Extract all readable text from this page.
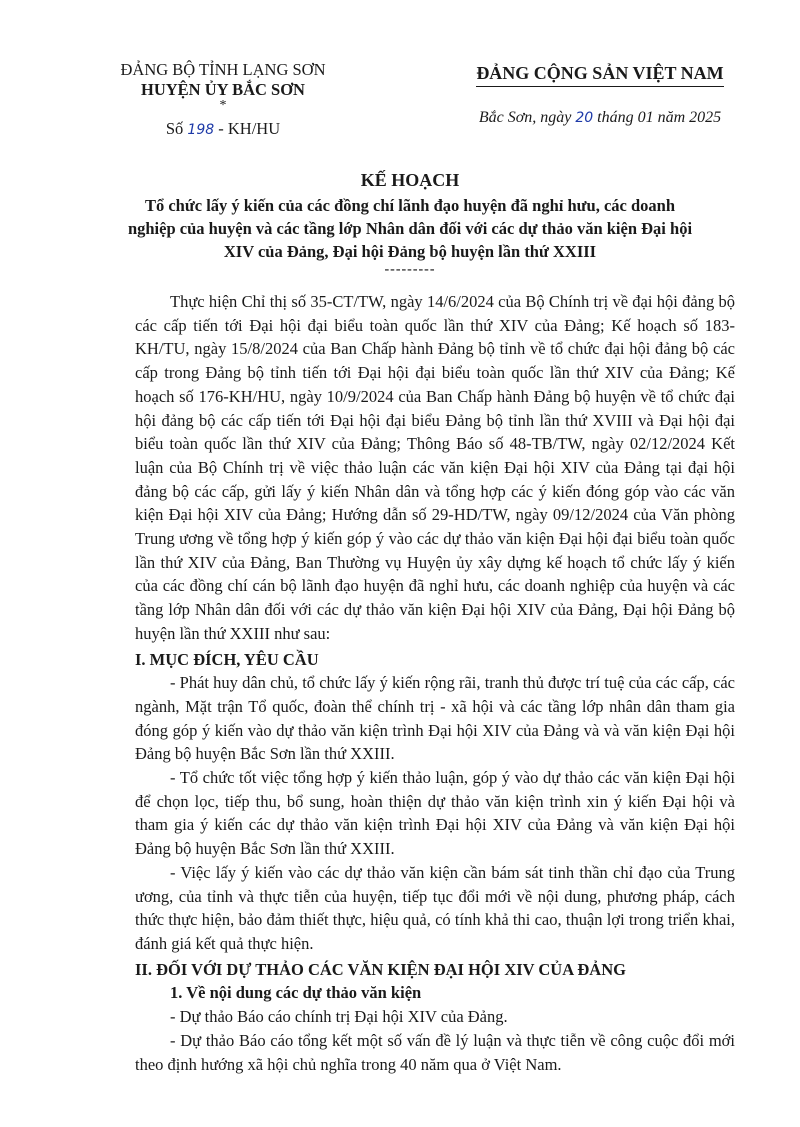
ĐẢNG BỘ TỈNH LẠNG SƠN
HUYỆN ỦY BẮC SƠN
*
Số 198 - KH/HU
ĐẢNG CỘNG SẢN VIỆT NAM
Bắc Sơn, ngày 20 tháng 01 năm 2025
KẾ HOẠCH
Tổ chức lấy ý kiến của các đồng chí lãnh đạo huyện đã nghỉ hưu, các doanh nghiệp của huyện và các tầng lớp Nhân dân đối với các dự thảo văn kiện Đại hội XIV của Đảng, Đại hội Đảng bộ huyện lần thứ XXIII
---------

Thực hiện Chỉ thị số 35-CT/TW, ngày 14/6/2024 của Bộ Chính trị về đại hội đảng bộ các cấp tiến tới Đại hội đại biểu toàn quốc lần thứ XIV của Đảng; Kế hoạch số 183-KH/TU, ngày 15/8/2024 của Ban Chấp hành Đảng bộ tỉnh về tổ chức đại hội đảng bộ các cấp trong Đảng bộ tỉnh tiến tới Đại hội đại biểu toàn quốc lần thứ XIV của Đảng; Kế hoạch số 176-KH/HU, ngày 10/9/2024 của Ban Chấp hành Đảng bộ huyện về tổ chức đại hội đảng bộ các cấp tiến tới Đại hội đại biểu Đảng bộ tỉnh lần thứ XVIII và Đại hội đại biểu toàn quốc lần thứ XIV của Đảng; Thông Báo số 48-TB/TW, ngày 02/12/2024 Kết luận của Bộ Chính trị về việc thảo luận các văn kiện Đại hội XIV của Đảng tại đại hội đảng bộ các cấp, gửi lấy ý kiến Nhân dân và tổng hợp các ý kiến đóng góp vào các văn kiện Đại hội XIV của Đảng; Hướng dẫn số 29-HD/TW, ngày 09/12/2024 của Văn phòng Trung ương về tổng hợp ý kiến góp ý vào các dự thảo văn kiện Đại hội đại biểu toàn quốc lần thứ XIV của Đảng, Ban Thường vụ Huyện ủy xây dựng kế hoạch tổ chức lấy ý kiến của các đồng chí cán bộ lãnh đạo huyện đã nghỉ hưu, các doanh nghiệp của huyện và các tầng lớp Nhân dân đối với các dự thảo văn kiện Đại hội XIV của Đảng, Đại hội Đảng bộ huyện lần thứ XXIII như sau:

I. MỤC ĐÍCH, YÊU CẦU

- Phát huy dân chủ, tổ chức lấy ý kiến rộng rãi, tranh thủ được trí tuệ của các cấp, các ngành, Mặt trận Tổ quốc, đoàn thể chính trị - xã hội và các tầng lớp nhân dân tham gia đóng góp ý kiến vào dự thảo văn kiện trình Đại hội XIV của Đảng và và văn kiện Đại hội Đảng bộ huyện Bắc Sơn lần thứ XXIII.

- Tổ chức tốt việc tổng hợp ý kiến thảo luận, góp ý vào dự thảo các văn kiện Đại hội để chọn lọc, tiếp thu, bổ sung, hoàn thiện dự thảo văn kiện trình xin ý kiến Đại hội và tham gia ý kiến các dự thảo văn kiện trình Đại hội XIV của Đảng và văn kiện Đại hội Đảng bộ huyện Bắc Sơn lần thứ XXIII.

- Việc lấy ý kiến vào các dự thảo văn kiện cần bám sát tinh thần chỉ đạo của Trung ương, của tỉnh và thực tiễn của huyện, tiếp tục đổi mới về nội dung, phương pháp, cách thức thực hiện, bảo đảm thiết thực, hiệu quả, có tính khả thi cao, thuận lợi trong triển khai, đánh giá kết quả thực hiện.

II. ĐỐI VỚI DỰ THẢO CÁC VĂN KIỆN ĐẠI HỘI XIV CỦA ĐẢNG

1. Về nội dung các dự thảo văn kiện

- Dự thảo Báo cáo chính trị Đại hội XIV của Đảng.

- Dự thảo Báo cáo tổng kết một số vấn đề lý luận và thực tiễn về công cuộc đổi mới theo định hướng xã hội chủ nghĩa trong 40 năm qua ở Việt Nam.
